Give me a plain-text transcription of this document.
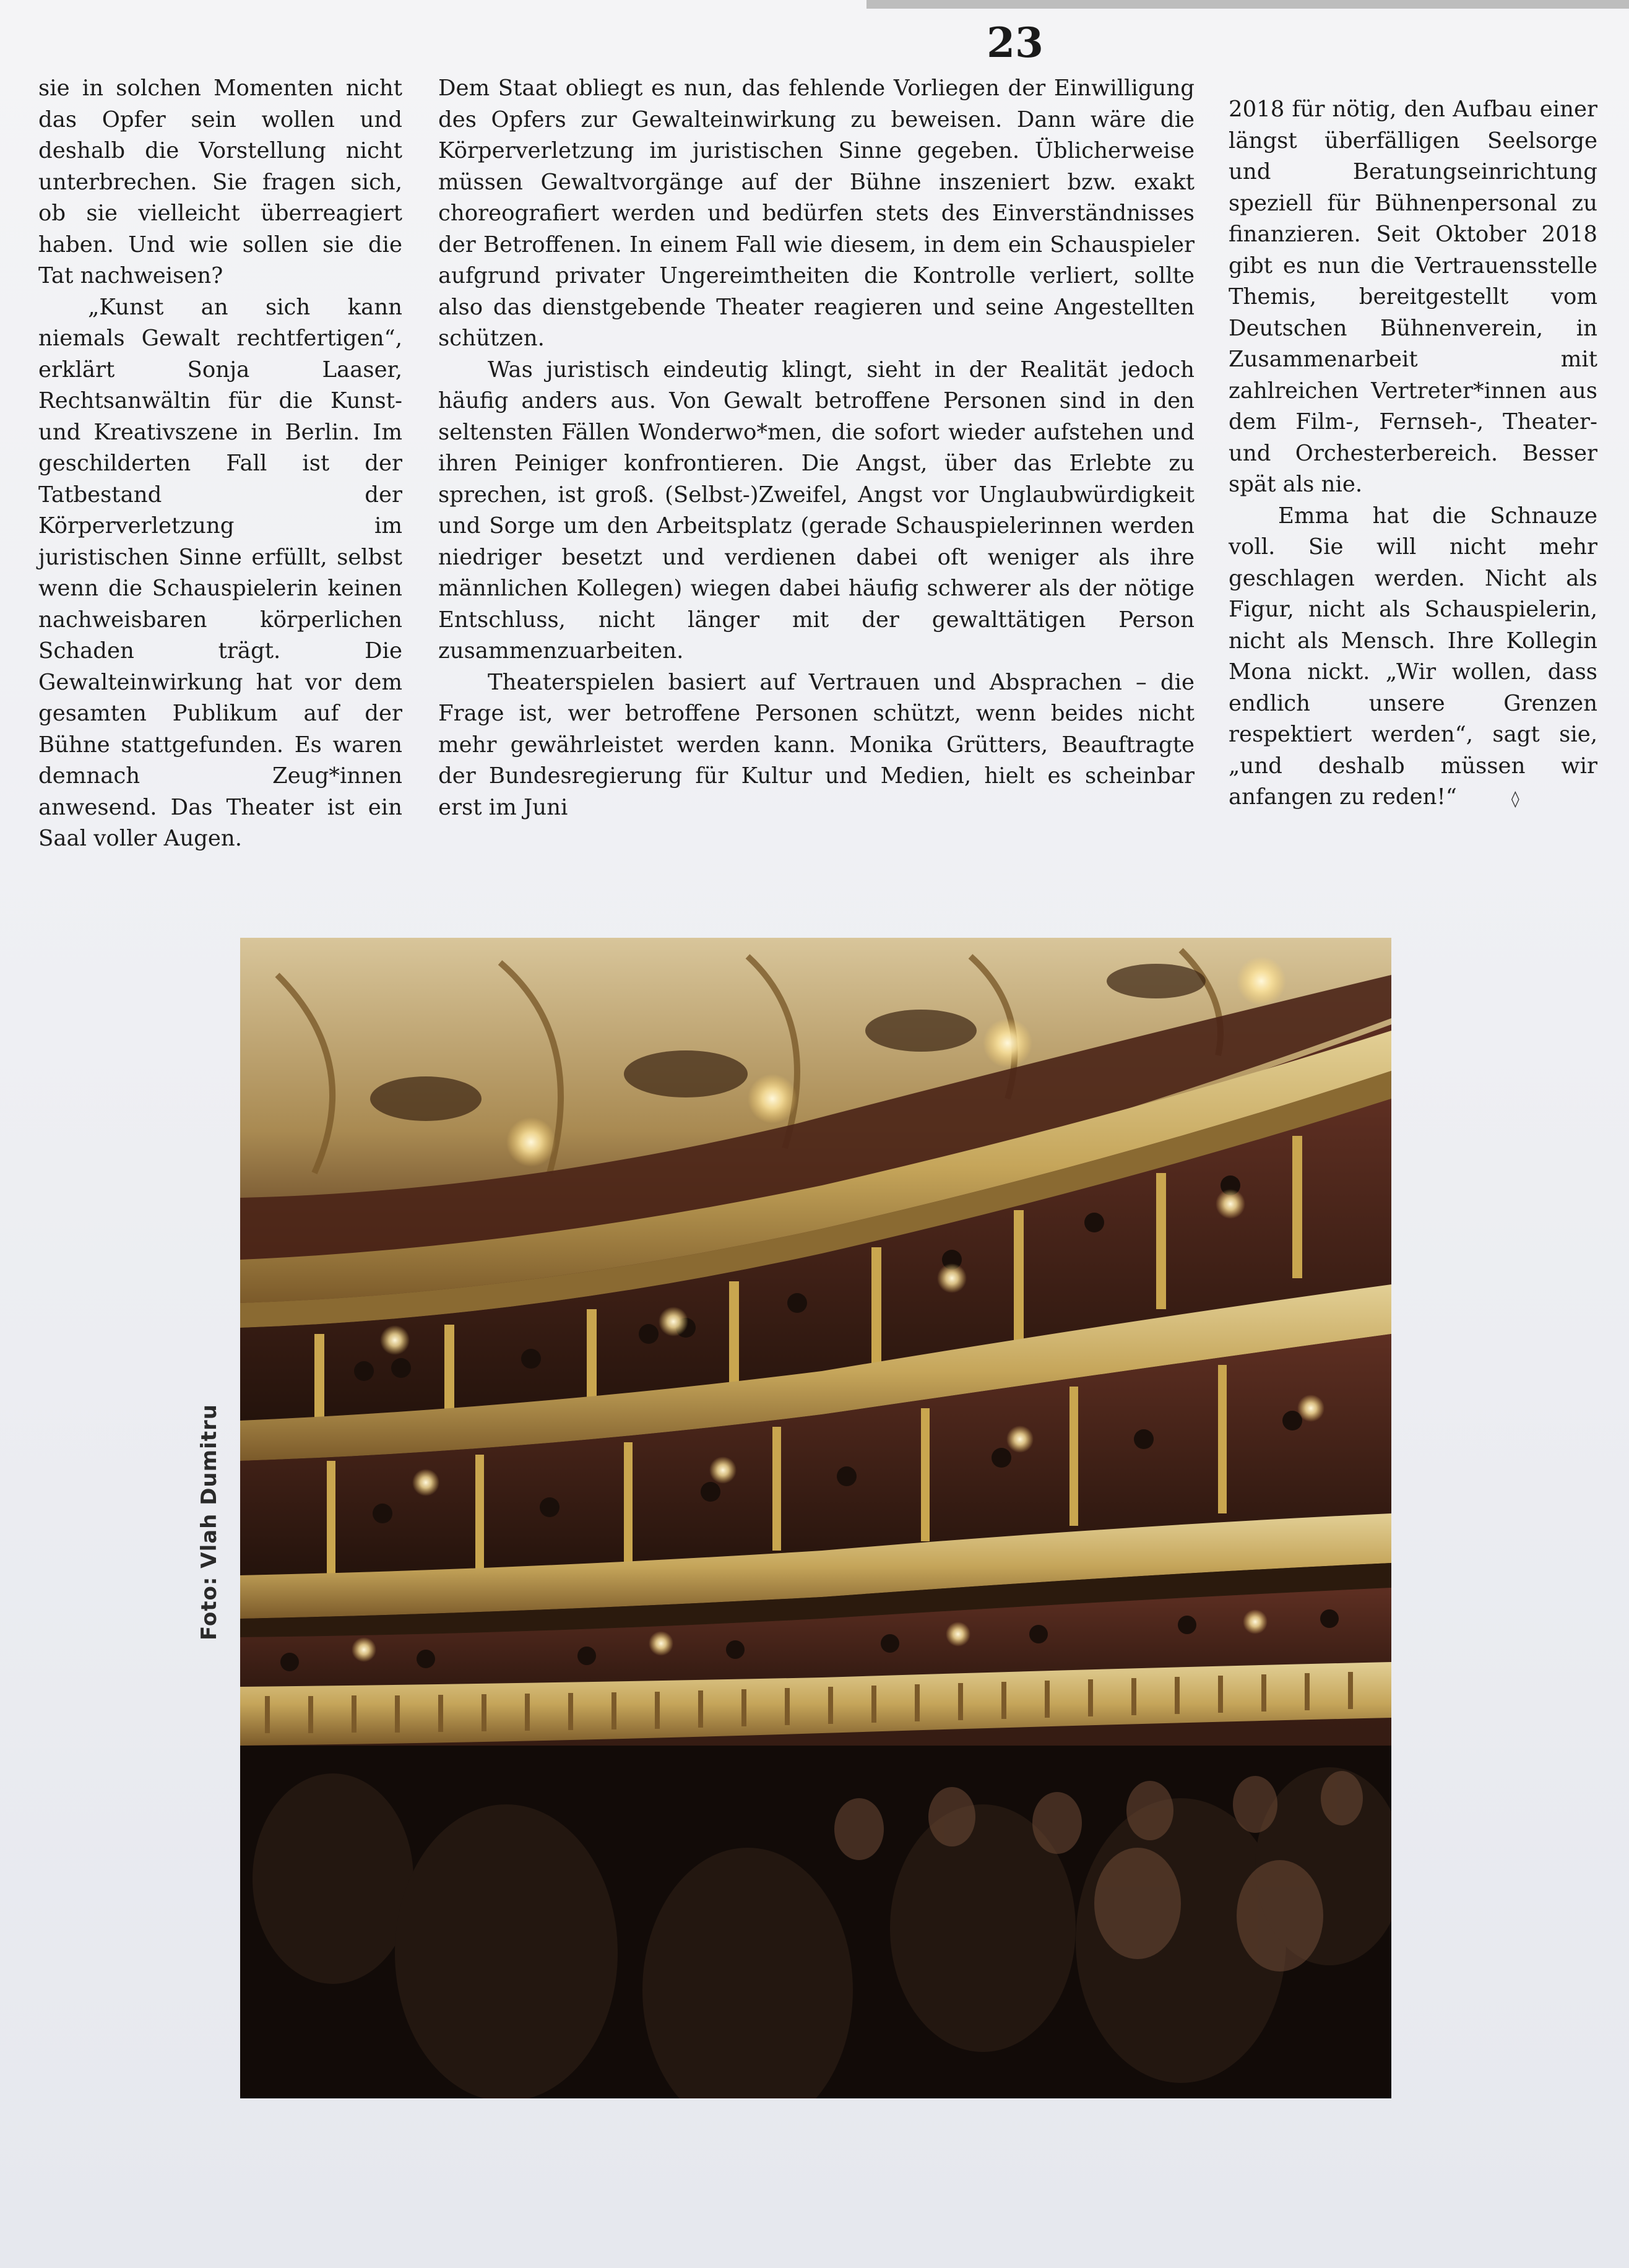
23

sie in solchen Momenten nicht das Opfer sein wollen und deshalb die Vorstellung nicht unterbrechen. Sie fragen sich, ob sie vielleicht überreagiert haben. Und wie sollen sie die Tat nachweisen?

„Kunst an sich kann niemals Gewalt rechtfertigen“, erklärt Sonja Laaser, Rechtsanwältin für die Kunst- und Kreativszene in Berlin. Im geschilderten Fall ist der Tatbestand der Körperverletzung im juristischen Sinne erfüllt, selbst wenn die Schauspielerin keinen nachweisbaren körperlichen Schaden trägt. Die Gewalteinwirkung hat vor dem gesamten Publikum auf der Bühne stattgefunden. Es waren demnach Zeug*innen anwesend. Das Theater ist ein Saal voller Augen.

Dem Staat obliegt es nun, das fehlende Vorliegen der Einwilligung des Opfers zur Gewalteinwirkung zu beweisen. Dann wäre die Körperverletzung im juristischen Sinne gegeben. Üblicherweise müssen Gewaltvorgänge auf der Bühne inszeniert bzw. exakt choreografiert werden und bedürfen stets des Einverständnisses der Betroffenen. In einem Fall wie diesem, in dem ein Schauspieler aufgrund privater Ungereimtheiten die Kontrolle verliert, sollte also das dienstgebende Theater reagieren und seine Angestellten schützen.

Was juristisch eindeutig klingt, sieht in der Realität jedoch häufig anders aus. Von Gewalt betroffene Personen sind in den seltensten Fällen Wonderwo*men, die sofort wieder aufstehen und ihren Peiniger konfrontieren. Die Angst, über das Erlebte zu sprechen, ist groß. (Selbst-)Zweifel, Angst vor Unglaubwürdigkeit und Sorge um den Arbeitsplatz (gerade Schauspielerinnen werden niedriger besetzt und verdienen dabei oft weniger als ihre männlichen Kollegen) wiegen dabei häufig schwerer als der nötige Entschluss, nicht länger mit der gewalttätigen Person zusammenzuarbeiten.

Theaterspielen basiert auf Vertrauen und Absprachen – die Frage ist, wer betroffene Personen schützt, wenn beides nicht mehr gewährleistet werden kann. Monika Grütters, Beauftragte der Bundesregierung für Kultur und Medien, hielt es scheinbar erst im Juni

2018 für nötig, den Aufbau einer längst überfälligen Seelsorge und Beratungseinrichtung speziell für Bühnenpersonal zu finanzieren. Seit Oktober 2018 gibt es nun die Vertrauensstelle Themis, bereitgestellt vom Deutschen Bühnenverein, in Zusammenarbeit mit zahlreichen Vertreter*innen aus dem Film-, Fernseh-, Theater- und Orchesterbereich. Besser spät als nie.

Emma hat die Schnauze voll. Sie will nicht mehr geschlagen werden. Nicht als Figur, nicht als Schauspielerin, nicht als Mensch. Ihre Kollegin Mona nickt. „Wir wollen, dass endlich unsere Grenzen respektiert werden“, sagt sie, „und deshalb müssen wir anfangen zu reden!“	◊

Foto: Vlah Dumitru
